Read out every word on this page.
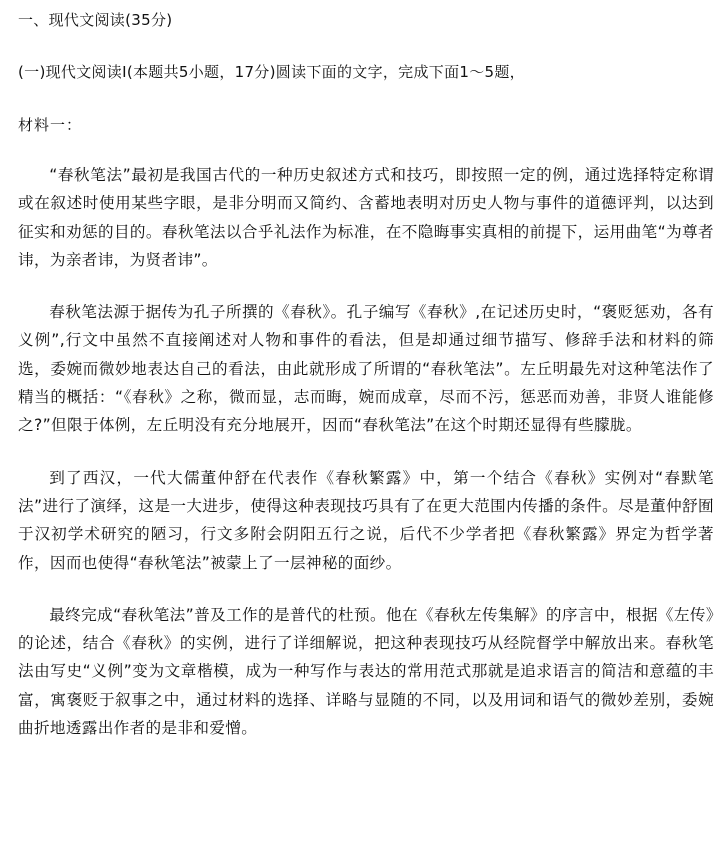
一、现代文阅读(35分)

(一)现代文阅读I(本题共5小题，17分)圆读下面的文字，完成下面1～5题，

材料一：

“春秋笔法”最初是我国古代的一种历史叙述方式和技巧，即按照一定的例，通过选择特定称谓或在叙述时使用某些字眼，是非分明而又简约、含蓄地表明对历史人物与事件的道德评判，以达到征实和劝惩的目的。春秋笔法以合乎礼法作为标准，在不隐晦事实真相的前提下，运用曲笔“为尊者讳，为亲者讳，为贤者讳”。

春秋笔法源于据传为孔子所撰的《春秋》。孔子编写《春秋》,在记述历史时，“褒贬惩劝，各有义例”,行文中虽然不直接阐述对人物和事件的看法，但是却通过细节描写、修辞手法和材料的筛选，委婉而微妙地表达自己的看法，由此就形成了所谓的“春秋笔法”。左丘明最先对这种笔法作了精当的概括：“《春秋》之称，微而显，志而晦，婉而成章，尽而不污，惩恶而劝善，非贤人谁能修之?”但限于体例，左丘明没有充分地展开，因而“春秋笔法”在这个时期还显得有些朦胧。

到了西汉，一代大儒董仲舒在代表作《春秋繁露》中，第一个结合《春秋》实例对“春默笔法”进行了演绎，这是一大进步，使得这种表现技巧具有了在更大范围内传播的条件。尽是董仲舒囿于汉初学术研究的陋习，行文多附会阴阳五行之说，后代不少学者把《春秋繁露》界定为哲学著作，因而也使得“春秋笔法”被蒙上了一层神秘的面纱。

最终完成“春秋笔法”普及工作的是普代的杜预。他在《春秋左传集解》的序言中，根据《左传》的论述，结合《春秋》的实例，进行了详细解说，把这种表现技巧从经院督学中解放出来。春秋笔法由写史“义例”变为文章楷模，成为一种写作与表达的常用范式那就是追求语言的简洁和意蕴的丰富，寓褒贬于叙事之中，通过材料的选择、详略与显随的不同，以及用词和语气的微妙差别，委婉曲折地透露出作者的是非和爱憎。
